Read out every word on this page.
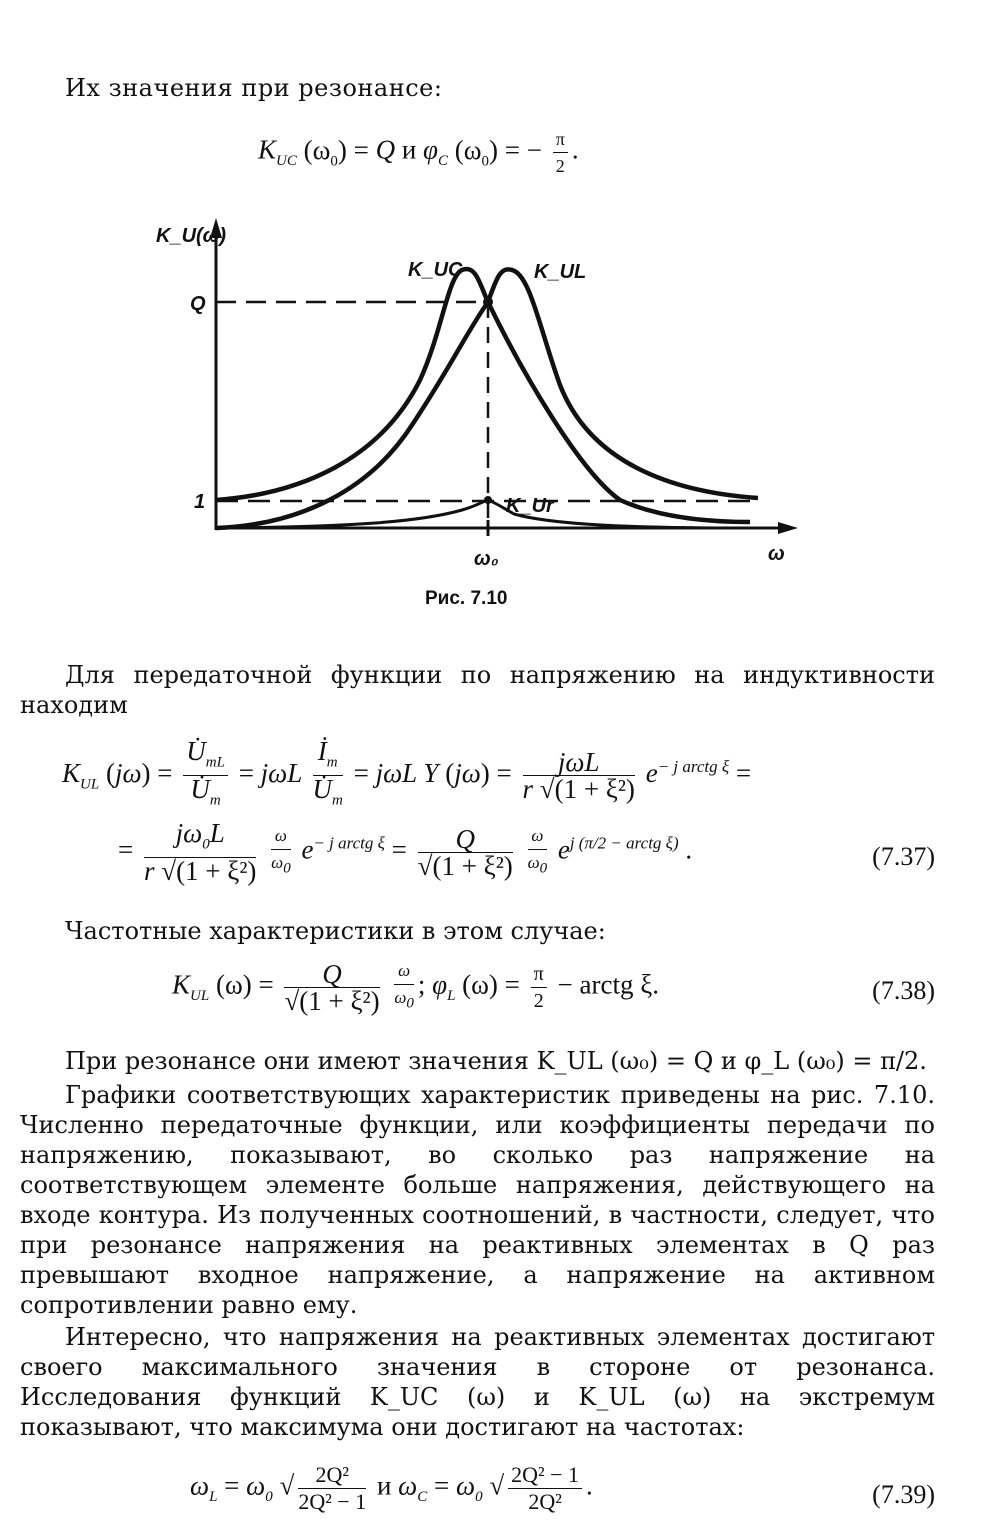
Их значения при резонансе:
$K_{UC}$ $(\omega_0) = Q$ и $\varphi_C$ $(\omega_0)$ = − $\frac{\pi}{2}$ .
K_U(ω)
Q
1
K_UC	K_UL
K_Ur
ω₀	ω
Рис. 7.10
Для передаточной функции по напряжению на индуктивности находим
$K_{UL}$ $(j\omega) = \frac{U̇_{mL}}{U̇_m} = j\omega L \frac{İ_m}{U̇_m} = j\omega L$ Y $(j\omega) = \frac{\text{jωL}}{\text{r √(1 + ξ²)}} e^{- j arctg \xi}$ =
= $\frac{j\omega_0L}{\text{r √(1 + ξ²)}}$
$\frac{\omega}{\omega_0} e^{- j arctg \xi} = \frac{Q}{\text{√(1 + ξ²)}}$
$\frac{\omega}{\omega_0} e^{j (\pi/2 - arctg \xi)}$ .	(7.37)
Частотные характеристики в этом случае:
$K_{UL}$ $(\omega) = \frac{Q}{\text{√(1 + ξ²)}}$
$\frac{\omega}{\omega_0}$ ; $\varphi_L$ $(\omega) = \frac{\pi}{2}$ − arctg ξ.	(7.38)
При резонансе они имеют значения K_UL (ω₀) = Q и φ_L (ω₀) = π/2.
Графики соответствующих характеристик приведены на рис. 7.10. Численно передаточные функции, или коэффициенты передачи по напряжению, показывают, во сколько раз напряжение на соответствующем элементе больше напряжения, действующего на входе контура. Из полученных соотношений, в частности, следует, что при резонансе напряжения на реактивных элементах в Q раз превышают входное напряжение, а напряжение на активном сопротивлении равно ему.
Интересно, что напряжения на реактивных элементах достигают своего максимального значения в стороне от резонанса. Исследования функций K_UC (ω) и K_UL (ω) на экстремум показывают, что максимума они достигают на частотах:
$\omega_L = \omega_0$ √ $\frac{\text{2Q²}}{\text{2Q² − 1}}$ и $\omega_C = \omega_0$ √ $\frac{\text{2Q² − 1}}{\text{2Q²}}$ .	(7.39)
